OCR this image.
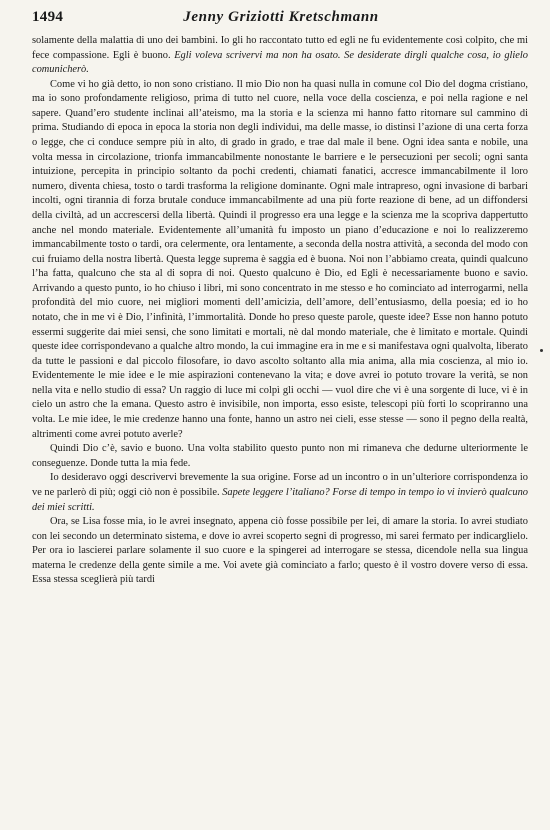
1494	Jenny Griziotti Kretschmann

solamente della malattia di uno dei bambini. Io gli ho raccontato tutto ed egli ne fu evidentemente così colpito, che mi fece compassione. Egli è buono. Egli voleva scrivervi ma non ha osato. Se desiderate dirgli qualche cosa, io glielo comunicherò.

Come vi ho già detto, io non sono cristiano. Il mio Dio non ha quasi nulla in comune col Dio del dogma cristiano, ma io sono profondamente religioso, prima di tutto nel cuore, nella voce della coscienza, e poi nella ragione e nel sapere. Quand’ero studente inclinai all’ateismo, ma la storia e la scienza mi hanno fatto ritornare sul cammino di prima. Studiando di epoca in epoca la storia non degli individui, ma delle masse, io distinsi l’azione di una certa forza o legge, che ci conduce sempre più in alto, di grado in grado, e trae dal male il bene. Ogni idea santa e nobile, una volta messa in circolazione, trionfa immancabilmente nonostante le barriere e le persecuzioni per secoli; ogni santa intuizione, percepita in principio soltanto da pochi credenti, chiamati fanatici, accresce immancabilmente il loro numero, diventa chiesa, tosto o tardi trasforma la religione dominante. Ogni male intrapreso, ogni invasione di barbari incolti, ogni tirannia di forza brutale conduce immancabilmente ad una più forte reazione di bene, ad un diffondersi della civiltà, ad un accrescersi della libertà. Quindi il progresso era una legge e la scienza me la scopriva dappertutto anche nel mondo materiale. Evidentemente all’umanità fu imposto un piano d’educazione e noi lo realizzeremo immancabilmente tosto o tardi, ora celermente, ora lentamente, a seconda della nostra attività, a seconda del modo con cui fruiamo della nostra libertà. Questa legge suprema è saggia ed è buona. Noi non l’abbiamo creata, quindi qualcuno l’ha fatta, qualcuno che sta al di sopra di noi. Questo qualcuno è Dio, ed Egli è necessariamente buono e savio. Arrivando a questo punto, io ho chiuso i libri, mi sono concentrato in me stesso e ho cominciato ad interrogarmi, nella profondità del mio cuore, nei migliori momenti dell’amicizia, dell’amore, dell’entusiasmo, della poesia; ed io ho notato, che in me vi è Dio, l’infinità, l’immortalità. Donde ho preso queste parole, queste idee? Esse non hanno potuto essermi suggerite dai miei sensi, che sono limitati e mortali, nè dal mondo materiale, che è limitato e mortale. Quindi queste idee corrispondevano a qualche altro mondo, la cui immagine era in me e si manifestava ogni qualvolta, liberato da tutte le passioni e dal piccolo filosofare, io davo ascolto soltanto alla mia anima, alla mia coscienza, al mio io. Evidentemente le mie idee e le mie aspirazioni contenevano la vita; e dove avrei io potuto trovare la verità, se non nella vita e nello studio di essa? Un raggio di luce mi colpì gli occhi — vuol dire che vi è una sorgente di luce, vi è in cielo un astro che la emana. Questo astro è invisibile, non importa, esso esiste, telescopi più forti lo scopriranno una volta. Le mie idee, le mie credenze hanno una fonte, hanno un astro nei cieli, esse stesse — sono il pegno della realtà, altrimenti come avrei potuto averle?

Quindi Dio c’è, savio e buono. Una volta stabilito questo punto non mi rimaneva che dedurne ulteriormente le conseguenze. Donde tutta la mia fede.

Io desideravo oggi descrivervi brevemente la sua origine. Forse ad un incontro o in un’ulteriore corrispondenza io ve ne parlerò di più; oggi ciò non è possibile. Sapete leggere l’italiano? Forse di tempo in tempo io vi invierò qualcuno dei miei scritti.

Ora, se Lisa fosse mia, io le avrei insegnato, appena ciò fosse possibile per lei, di amare la storia. Io avrei studiato con lei secondo un determinato sistema, e dove io avrei scoperto segni di progresso, mi sarei fermato per indicarglielo. Per ora io lascierei parlare solamente il suo cuore e la spingerei ad interrogare se stessa, dicendole nella sua lingua materna le credenze della gente simile a me. Voi avete già cominciato a farlo; questo è il vostro dovere verso di essa. Essa stessa sceglierà più tardi
